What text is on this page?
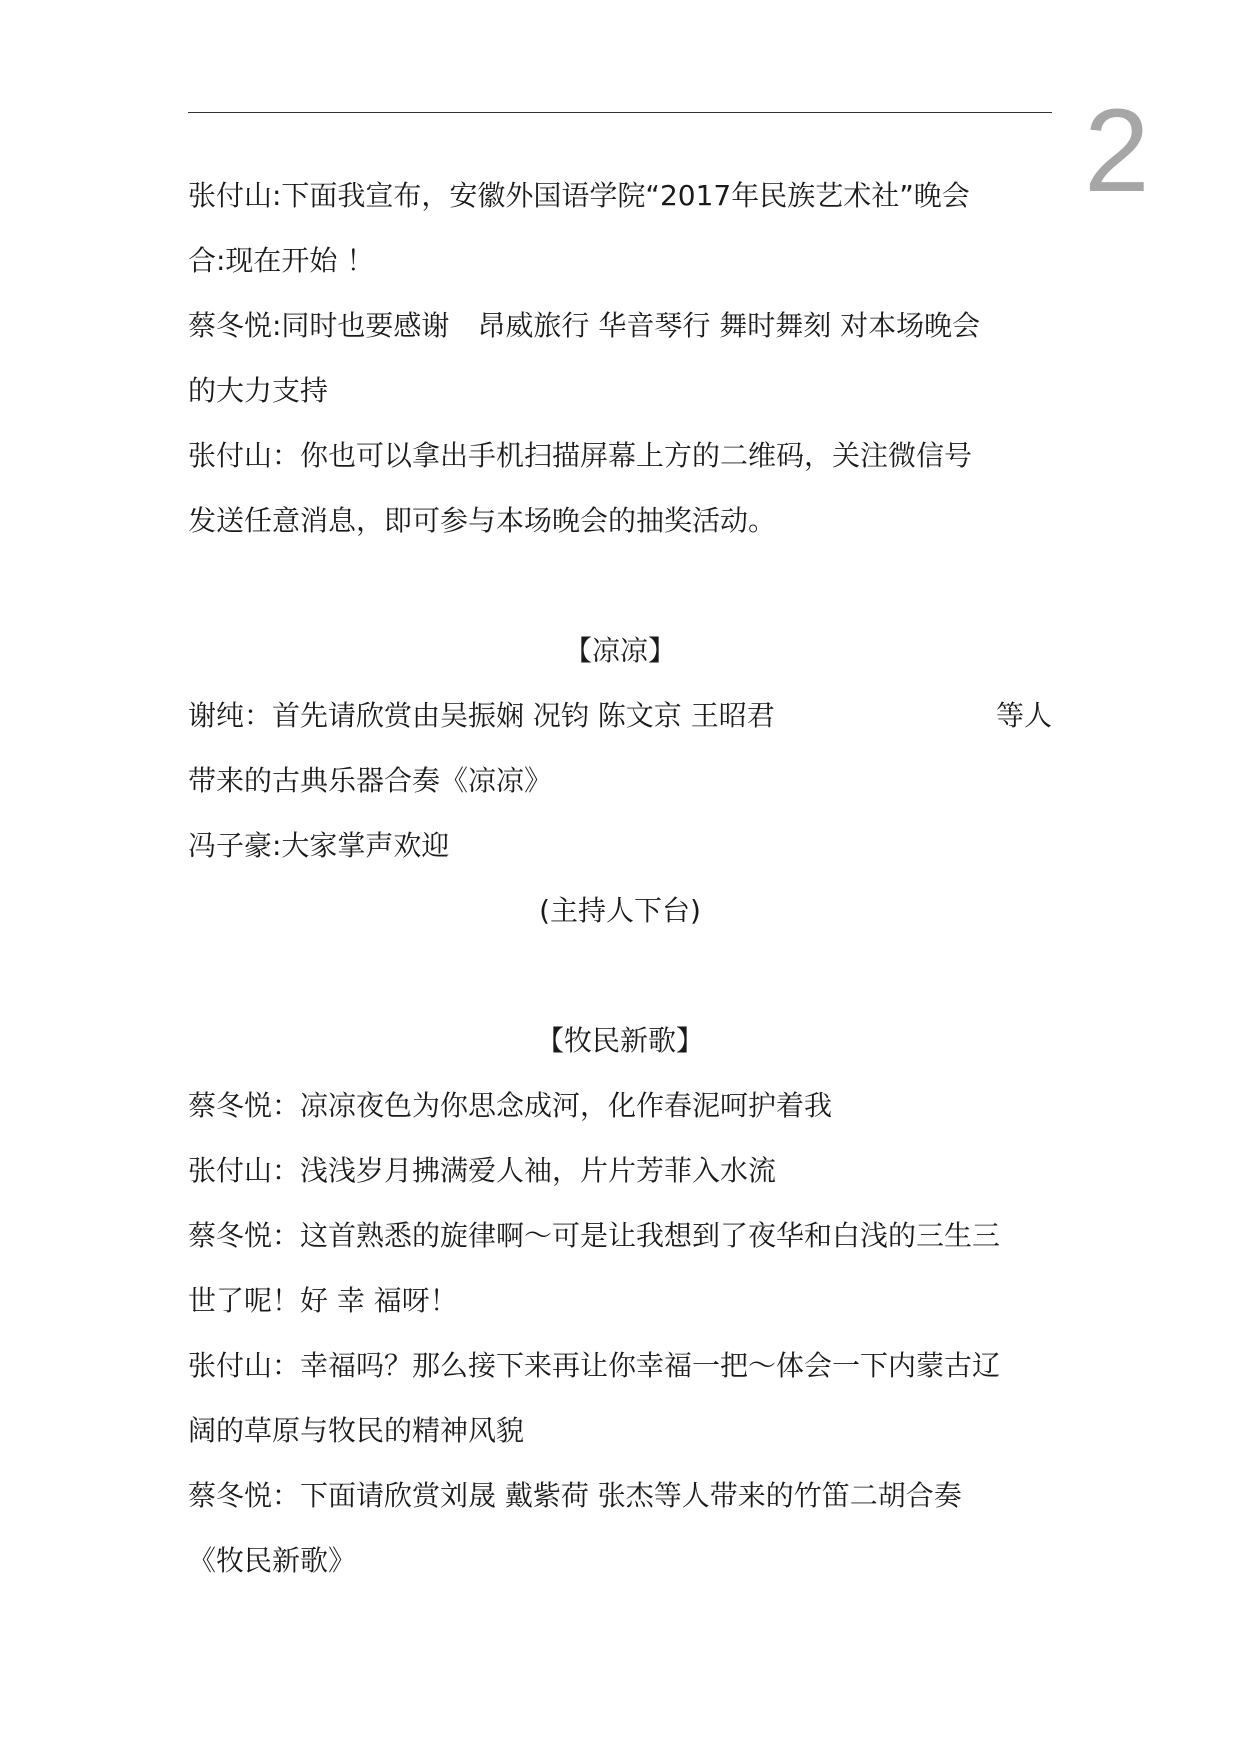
2
张付山:下面我宣布，安徽外国语学院“2017年民族艺术社”晚会
合:现在开始 ！
蔡冬悦:同时也要感谢　昂威旅行 华音琴行 舞时舞刻 对本场晚会
的大力支持
张付山：你也可以拿出手机扫描屏幕上方的二维码，关注微信号
发送任意消息，即可参与本场晚会的抽奖活动。
【凉凉】
谢纯：首先请欣赏由吴振娴 况钧 陈文京 王昭君	等人
带来的古典乐器合奏《凉凉》
冯子豪:大家掌声欢迎
(主持人下台)
【牧民新歌】
蔡冬悦：凉凉夜色为你思念成河，化作春泥呵护着我
张付山：浅浅岁月拂满爱人袖，片片芳菲入水流
蔡冬悦：这首熟悉的旋律啊～可是让我想到了夜华和白浅的三生三
世了呢！好 幸 福呀！
张付山：幸福吗？那么接下来再让你幸福一把～体会一下内蒙古辽
阔的草原与牧民的精神风貌
蔡冬悦：下面请欣赏刘晟 戴紫荷 张杰等人带来的竹笛二胡合奏
《牧民新歌》
